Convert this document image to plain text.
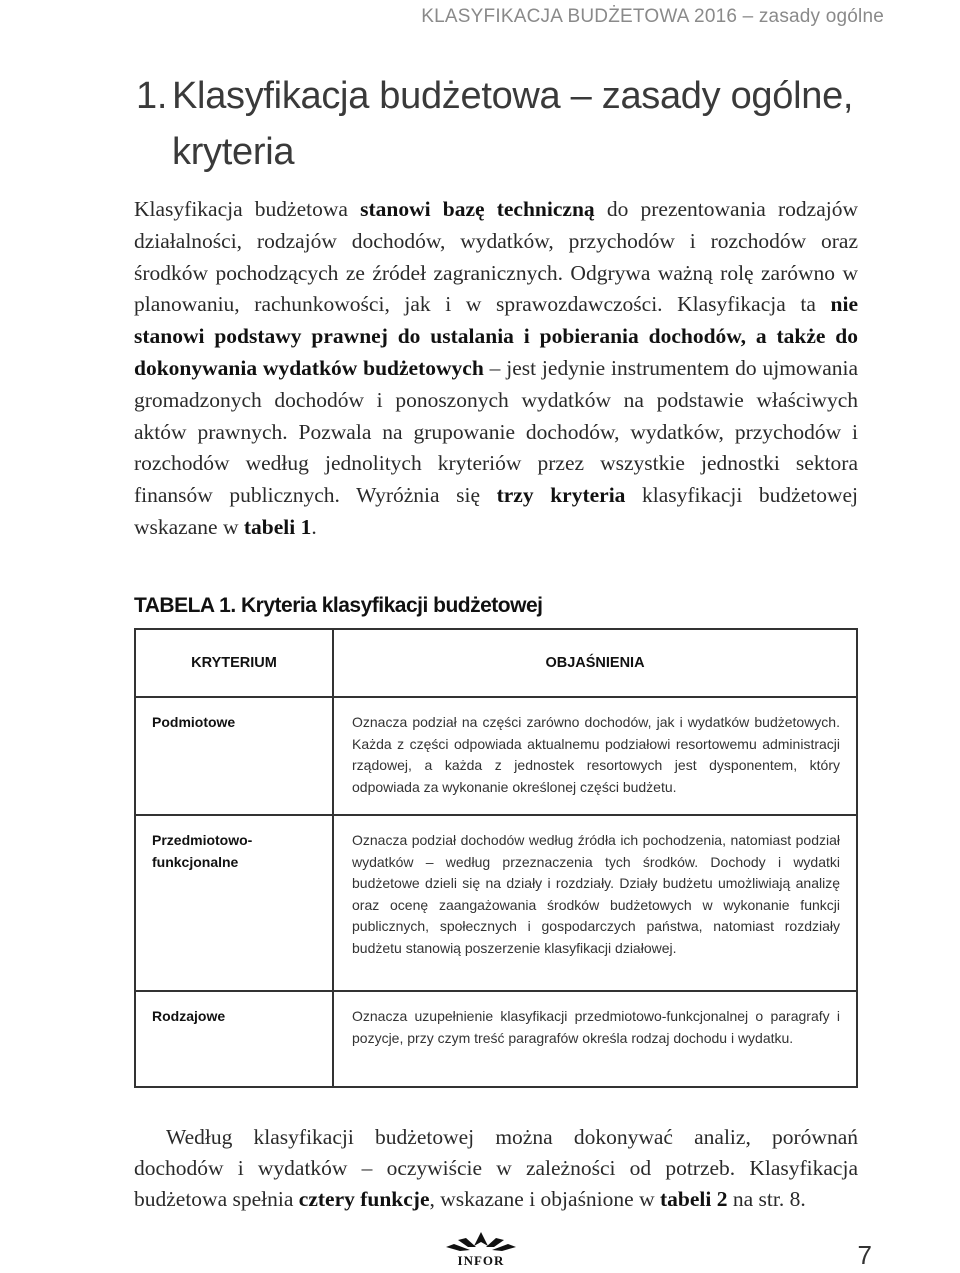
KLASYFIKACJA BUDŻETOWA 2016 – zasady ogólne
1. Klasyfikacja budżetowa – zasady ogólne, kryteria

Klasyfikacja budżetowa stanowi bazę techniczną do prezentowania rodzajów działalności, rodzajów dochodów, wydatków, przychodów i rozchodów oraz środków pochodzących ze źródeł zagranicznych. Odgrywa ważną rolę zarówno w planowaniu, rachunkowości, jak i w sprawozdawczości. Klasyfikacja ta nie stanowi podstawy prawnej do ustalania i pobierania dochodów, a także do dokonywania wydatków budżetowych – jest jedynie instrumentem do ujmowania gromadzonych dochodów i ponoszonych wydatków na podstawie właściwych aktów prawnych. Pozwala na grupowanie dochodów, wydatków, przychodów i rozchodów według jednolitych kryteriów przez wszystkie jednostki sektora finansów publicznych. Wyróżnia się trzy kryteria klasyfikacji budżetowej wskazane w tabeli 1.

TABELA 1. Kryteria klasyfikacji budżetowej
KRYTERIUM	OBJAŚNIENIA
Podmiotowe	Oznacza podział na części zarówno dochodów, jak i wydatków budżetowych. Każda z części odpowiada aktualnemu podziałowi resortowemu administracji rządowej, a każda z jednostek resortowych jest dysponentem, który odpowiada za wykonanie określonej części budżetu.
Przedmiotowo-funkcjonalne	Oznacza podział dochodów według źródła ich pochodzenia, natomiast podział wydatków – według przeznaczenia tych środków. Dochody i wydatki budżetowe dzieli się na działy i rozdziały. Działy budżetu umożliwiają analizę oraz ocenę zaangażowania środków budżetowych w wykonanie funkcji publicznych, społecznych i gospodarczych państwa, natomiast rozdziały budżetu stanowią poszerzenie klasyfikacji działowej.
Rodzajowe	Oznacza uzupełnienie klasyfikacji przedmiotowo-funkcjonalnej o paragrafy i pozycje, przy czym treść paragrafów określa rodzaj dochodu i wydatku.

Według klasyfikacji budżetowej można dokonywać analiz, porównań dochodów i wydatków – oczywiście w zależności od potrzeb. Klasyfikacja budżetowa spełnia cztery funkcje, wskazane i objaśnione w tabeli 2 na str. 8.

INFOR	7
